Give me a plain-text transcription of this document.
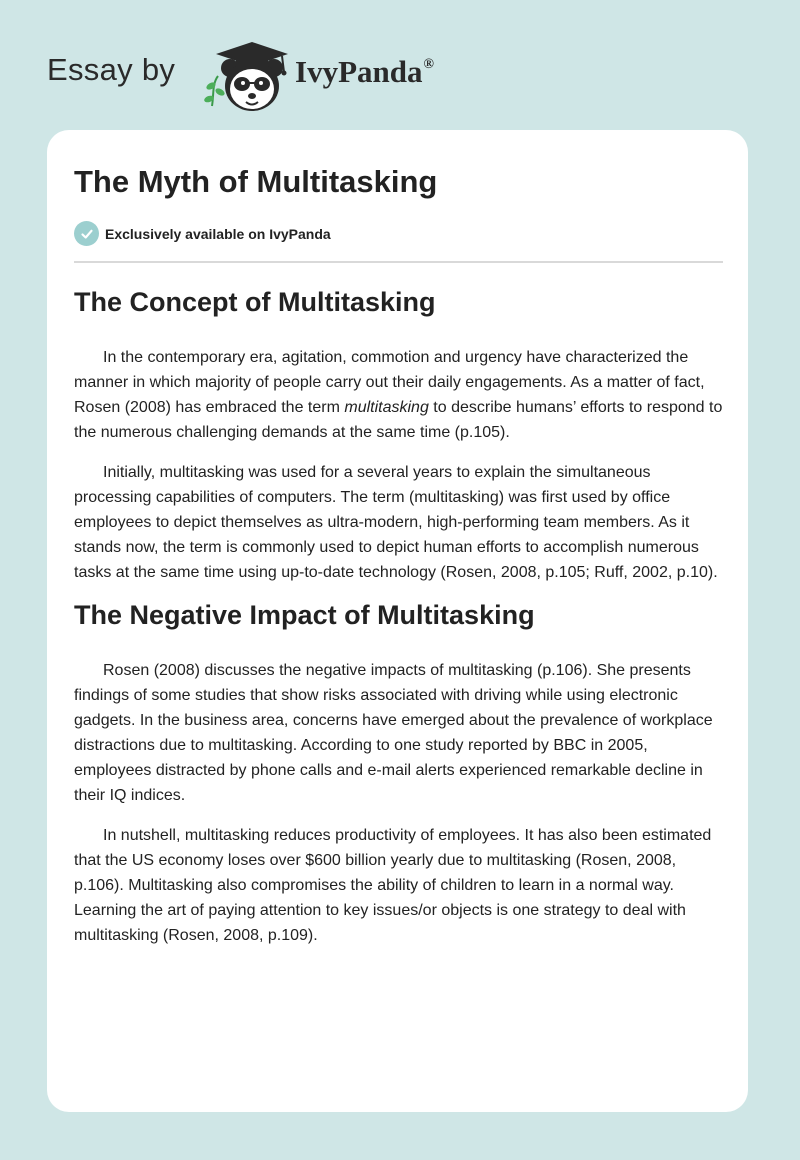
Essay by	IvyPanda®
The Myth of Multitasking
Exclusively available on IvyPanda
The Concept of Multitasking

In the contemporary era, agitation, commotion and urgency have characterized the manner in which majority of people carry out their daily engagements. As a matter of fact, Rosen (2008) has embraced the term multitasking to describe humans’ efforts to respond to the numerous challenging demands at the same time (p.105).

Initially, multitasking was used for a several years to explain the simultaneous processing capabilities of computers. The term (multitasking) was first used by office employees to depict themselves as ultra-modern, high-performing team members. As it stands now, the term is commonly used to depict human efforts to accomplish numerous tasks at the same time using up-to-date technology (Rosen, 2008, p.105; Ruff, 2002, p.10).

The Negative Impact of Multitasking

Rosen (2008) discusses the negative impacts of multitasking (p.106). She presents findings of some studies that show risks associated with driving while using electronic gadgets. In the business area, concerns have emerged about the prevalence of workplace distractions due to multitasking. According to one study reported by BBC in 2005, employees distracted by phone calls and e-mail alerts experienced remarkable decline in their IQ indices.

In nutshell, multitasking reduces productivity of employees. It has also been estimated that the US economy loses over $600 billion yearly due to multitasking (Rosen, 2008, p.106). Multitasking also compromises the ability of children to learn in a normal way. Learning the art of paying attention to key issues/or objects is one strategy to deal with multitasking (Rosen, 2008, p.109).
